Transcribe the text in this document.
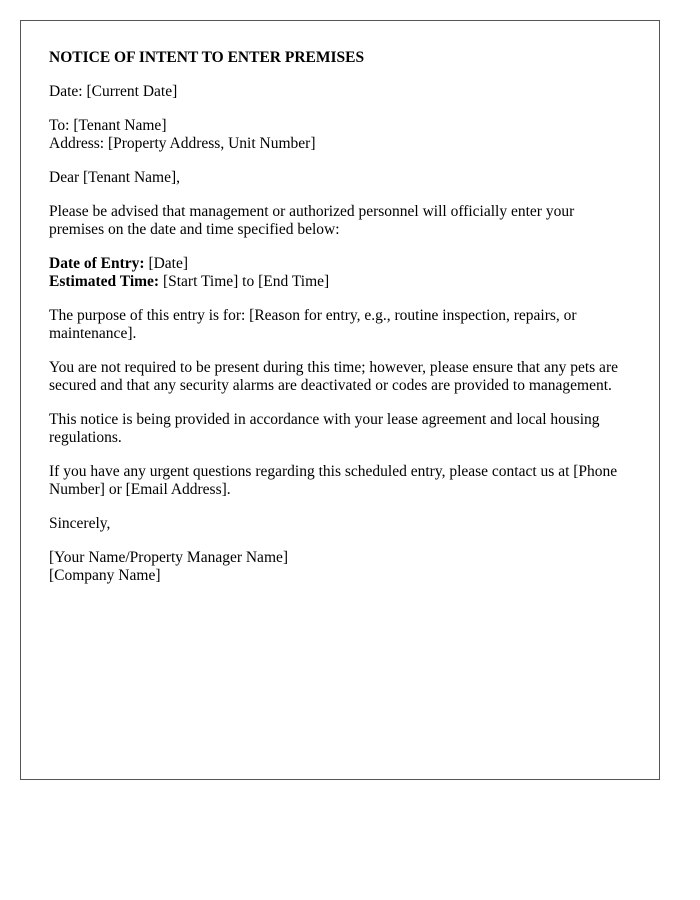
NOTICE OF INTENT TO ENTER PREMISES
Date: [Current Date]
To: [Tenant Name]
Address: [Property Address, Unit Number]
Dear [Tenant Name],
Please be advised that management or authorized personnel will officially enter your premises on the date and time specified below:
Date of Entry: [Date]
Estimated Time: [Start Time] to [End Time]
The purpose of this entry is for: [Reason for entry, e.g., routine inspection, repairs, or maintenance].
You are not required to be present during this time; however, please ensure that any pets are secured and that any security alarms are deactivated or codes are provided to management.
This notice is being provided in accordance with your lease agreement and local housing regulations.
If you have any urgent questions regarding this scheduled entry, please contact us at [Phone Number] or [Email Address].
Sincerely,
[Your Name/Property Manager Name]
[Company Name]
